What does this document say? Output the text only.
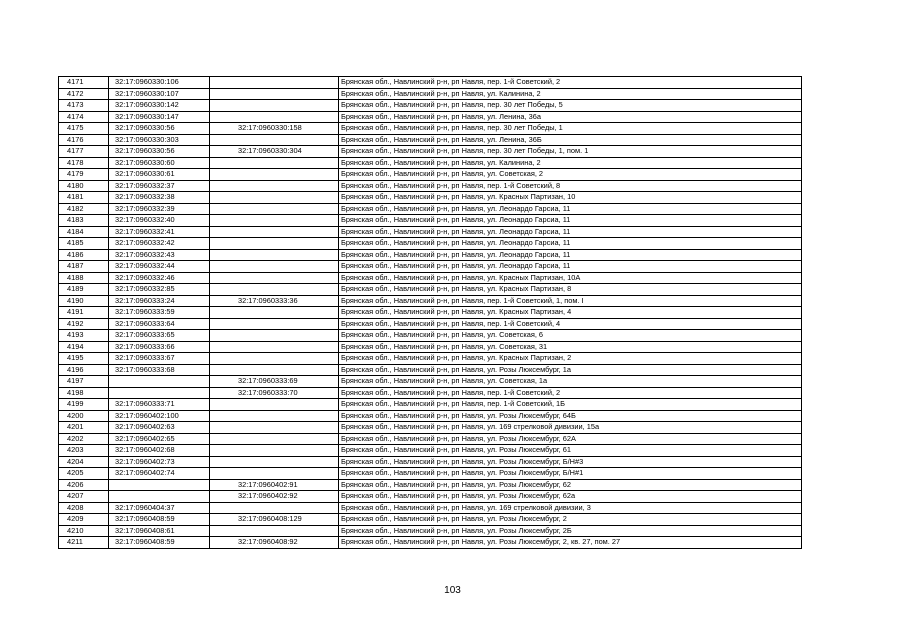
4171	32:17:0960330:106		Брянская обл., Навлинский р-н, рп Навля, пер. 1-й Советский, 2
4172	32:17:0960330:107		Брянская обл., Навлинский р-н, рп Навля, ул. Калинина, 2
4173	32:17:0960330:142		Брянская обл., Навлинский р-н, рп Навля, пер. 30 лет Победы, 5
4174	32:17:0960330:147		Брянская обл., Навлинский р-н, рп Навля, ул. Ленина, 36а
4175	32:17:0960330:56	32:17:0960330:158	Брянская обл., Навлинский р-н, рп Навля, пер. 30 лет Победы, 1
4176	32:17:0960330:303		Брянская обл., Навлинский р-н, рп Навля, ул. Ленина, 36Б
4177	32:17:0960330:56	32:17:0960330:304	Брянская обл., Навлинский р-н, рп Навля, пер. 30 лет Победы, 1, пом. 1
4178	32:17:0960330:60		Брянская обл., Навлинский р-н, рп Навля, ул. Калинина, 2
4179	32:17:0960330:61		Брянская обл., Навлинский р-н, рп Навля, ул. Советская, 2
4180	32:17:0960332:37		Брянская обл., Навлинский р-н, рп Навля, пер. 1-й Советский, 8
4181	32:17:0960332:38		Брянская обл., Навлинский р-н, рп Навля, ул. Красных Партизан, 10
4182	32:17:0960332:39		Брянская обл., Навлинский р-н, рп Навля, ул. Леонардо Гарсиа, 11
4183	32:17:0960332:40		Брянская обл., Навлинский р-н, рп Навля, ул. Леонардо Гарсиа, 11
4184	32:17:0960332:41		Брянская обл., Навлинский р-н, рп Навля, ул. Леонардо Гарсиа, 11
4185	32:17:0960332:42		Брянская обл., Навлинский р-н, рп Навля, ул. Леонардо Гарсиа, 11
4186	32:17:0960332:43		Брянская обл., Навлинский р-н, рп Навля, ул. Леонардо Гарсиа, 11
4187	32:17:0960332:44		Брянская обл., Навлинский р-н, рп Навля, ул. Леонардо Гарсиа, 11
4188	32:17:0960332:46		Брянская обл., Навлинский р-н, рп Навля, ул. Красных Партизан, 10А
4189	32:17:0960332:85		Брянская обл., Навлинский р-н, рп Навля, ул. Красных Партизан, 8
4190	32:17:0960333:24	32:17:0960333:36	Брянская обл., Навлинский р-н, рп Навля, пер. 1-й Советский, 1, пом. I
4191	32:17:0960333:59		Брянская обл., Навлинский р-н, рп Навля, ул. Красных Партизан, 4
4192	32:17:0960333:64		Брянская обл., Навлинский р-н, рп Навля, пер. 1-й Советский, 4
4193	32:17:0960333:65		Брянская обл., Навлинский р-н, рп Навля, ул. Советская, 6
4194	32:17:0960333:66		Брянская обл., Навлинский р-н, рп Навля, ул. Советская, 31
4195	32:17:0960333:67		Брянская обл., Навлинский р-н, рп Навля, ул. Красных Партизан, 2
4196	32:17:0960333:68		Брянская обл., Навлинский р-н, рп Навля, ул. Розы Люксембург, 1а
4197		32:17:0960333:69	Брянская обл., Навлинский р-н, рп Навля, ул. Советская, 1а
4198		32:17:0960333:70	Брянская обл., Навлинский р-н, рп Навля, пер. 1-й Советский, 2
4199	32:17:0960333:71		Брянская обл., Навлинский р-н, рп Навля, пер. 1-й Советский, 1Б
4200	32:17:0960402:100		Брянская обл., Навлинский р-н, рп Навля, ул. Розы Люксембург, 64Б
4201	32:17:0960402:63		Брянская обл., Навлинский р-н, рп Навля, ул. 169 стрелковой дивизии, 15а
4202	32:17:0960402:65		Брянская обл., Навлинский р-н, рп Навля, ул. Розы Люксембург, 62А
4203	32:17:0960402:68		Брянская обл., Навлинский р-н, рп Навля, ул. Розы Люксембург, 61
4204	32:17:0960402:73		Брянская обл., Навлинский р-н, рп Навля, ул. Розы Люксембург, Б/Н#3
4205	32:17:0960402:74		Брянская обл., Навлинский р-н, рп Навля, ул. Розы Люксембург, Б/Н#1
4206		32:17:0960402:91	Брянская обл., Навлинский р-н, рп Навля, ул. Розы Люксембург, 62
4207		32:17:0960402:92	Брянская обл., Навлинский р-н, рп Навля, ул. Розы Люксембург, 62а
4208	32:17:0960404:37		Брянская обл., Навлинский р-н, рп Навля, ул. 169 стрелковой дивизии, 3
4209	32:17:0960408:59	32:17:0960408:129	Брянская обл., Навлинский р-н, рп Навля, ул. Розы Люксембург, 2
4210	32:17:0960408:61		Брянская обл., Навлинский р-н, рп Навля, ул. Розы Люксембург, 2Б
4211	32:17:0960408:59	32:17:0960408:92	Брянская обл., Навлинский р-н, рп Навля, ул. Розы Люксембург, 2, кв. 27, пом. 27
103
